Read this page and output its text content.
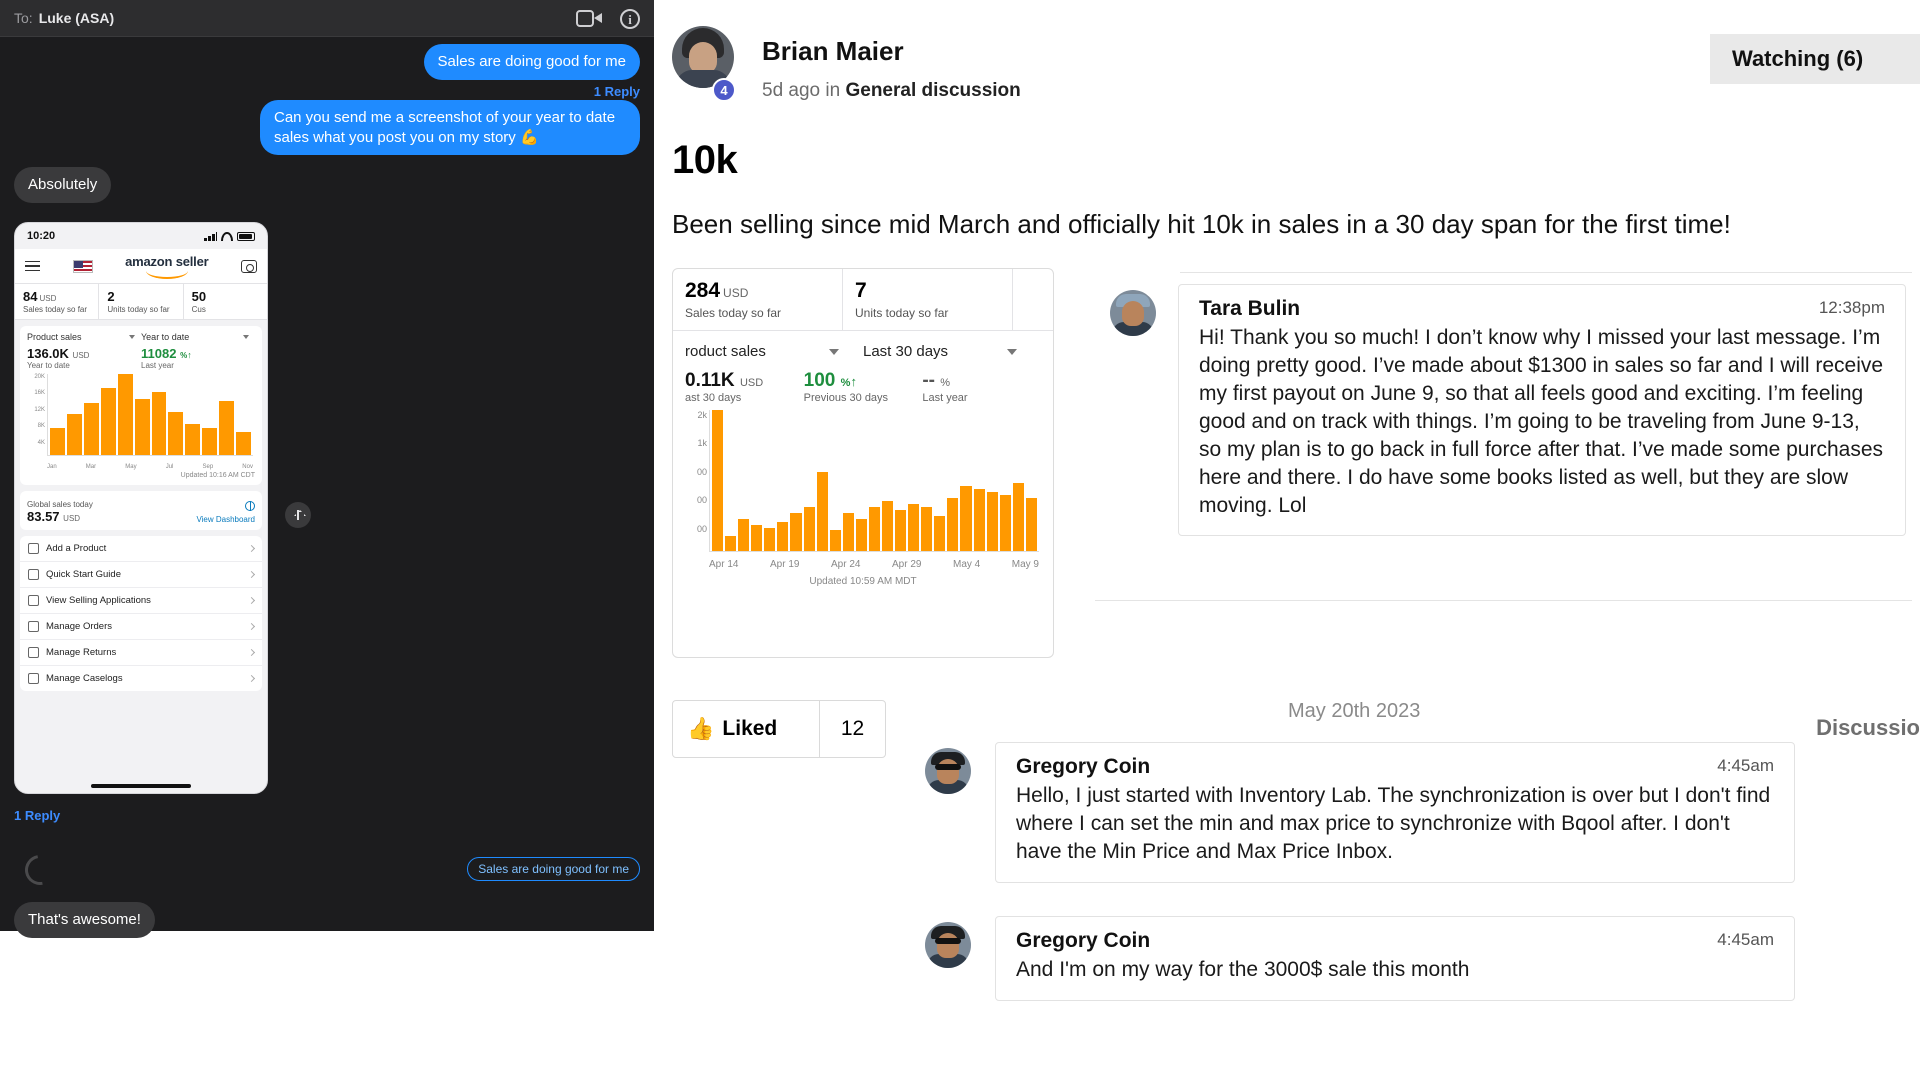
To: Luke (ASA)	i
Sales are doing good for me
1 Reply
Can you send me a screenshot of your year to date sales what you post you on my story 💪
Absolutely
10:20
amazon seller
84 USD
Sales today so far
2
Units today so far
50
Cus
Product sales	Year to date
136.0K USD
Year to date
11082 %↑
Last year
20K
16K
12K
8K
4K
Jan	Mar	May	Jul	Sep	Nov
Updated 10:16 AM CDT
Global sales today
83.57 USD	View Dashboard
Add a Product
Quick Start Guide
View Selling Applications
Manage Orders
Manage Returns
Manage Caselogs
1 Reply
Sales are doing good for me
That's awesome!
4
Brian Maier
5d ago in General discussion
Watching (6)
10k
Been selling since mid March and officially hit 10k in sales in a 30 day span for the first time!
284 USD
Sales today so far
7
Units today so far
roduct sales	Last 30 days
0.11K USD
ast 30 days
100 %↑
Previous 30 days
-- %
Last year
2k
1k
00
00
00
Apr 14	Apr 19	Apr 24	Apr 29	May 4	May 9
Updated 10:59 AM MDT
Tara Bulin	12:38pm
Hi! Thank you so much! I don’t know why I missed your last message. I’m doing pretty good. I’ve made about $1300 in sales so far and I will receive my first payout on June 9, so that all feels good and exciting. I’m feeling good and on track with things. I’m going to be traveling from June 9-13, so my plan is to go back in full force after that. I’ve made some purchases here and there. I do have some books listed as well, but they are slow moving. Lol
👍 Liked	12
May 20th 2023
Discussio
Gregory Coin	4:45am
Hello, I just started with Inventory Lab. The synchronization is over but I don't find where I can set the min and max price to synchronize with Bqool after. I don't have the Min Price and Max Price Inbox.
Gregory Coin	4:45am
And I'm on my way for the 3000$ sale this month
